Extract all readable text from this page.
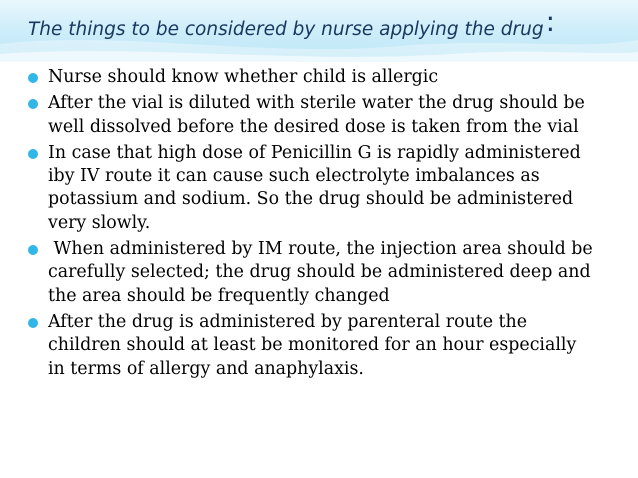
The things to be considered by nurse applying the drug:
Nurse should know whether child is allergic
After the vial is diluted with sterile water the drug should be
well dissolved before the desired dose is taken from the vial
In case that high dose of Penicillin G is rapidly administered
iby IV route it can cause such electrolyte imbalances as
potassium and sodium. So the drug should be administered
very slowly.
When administered by IM route, the injection area should be
carefully selected; the drug should be administered deep and
the area should be frequently changed
After the drug is administered by parenteral route the
children should at least be monitored for an hour especially
in terms of allergy and anaphylaxis.
